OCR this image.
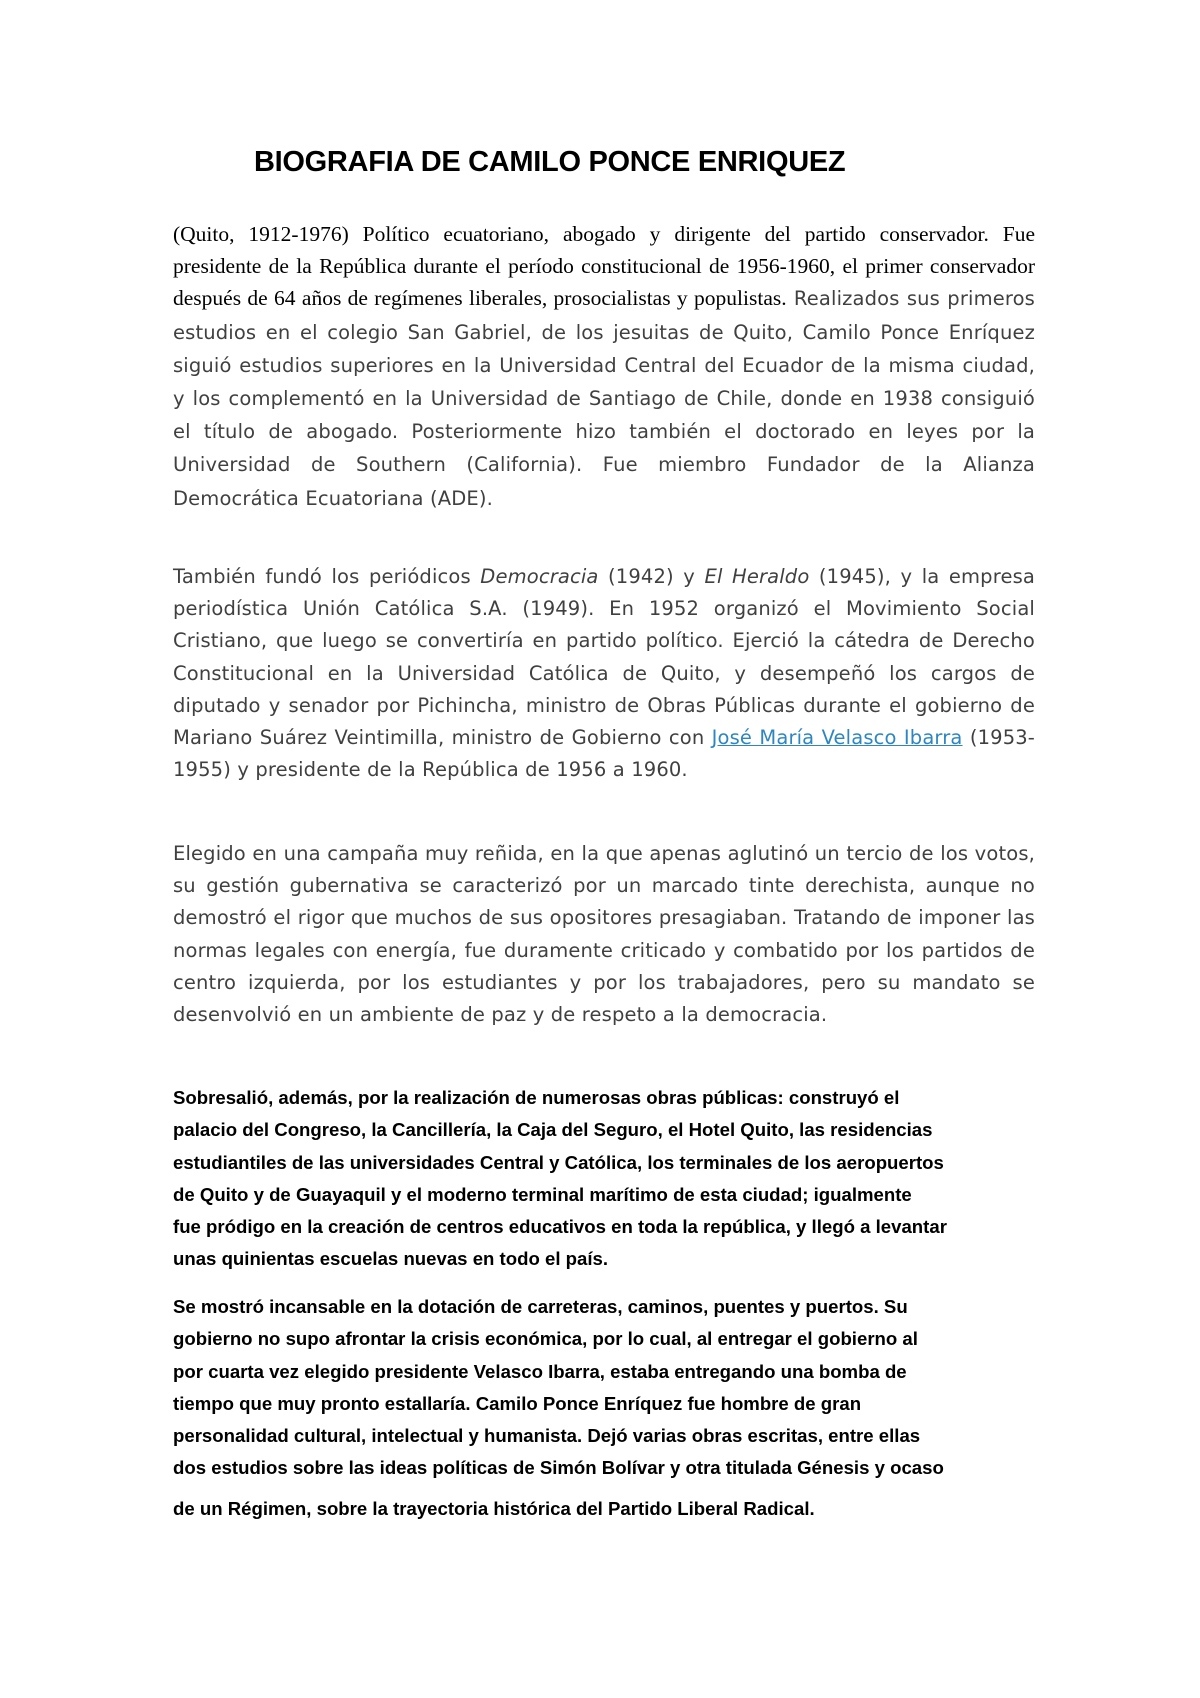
BIOGRAFIA DE CAMILO PONCE ENRIQUEZ

(Quito, 1912-1976) Político ecuatoriano, abogado y dirigente del partido conservador. Fue presidente de la República durante el período constitucional de 1956-1960, el primer conservador después de 64 años de regímenes liberales, prosocialistas y populistas. Realizados sus primeros estudios en el colegio San Gabriel, de los jesuitas de Quito, Camilo Ponce Enríquez siguió estudios superiores en la Universidad Central del Ecuador de la misma ciudad, y los complementó en la Universidad de Santiago de Chile, donde en 1938 consiguió el título de abogado. Posteriormente hizo también el doctorado en leyes por la Universidad de Southern (California). Fue miembro Fundador de la Alianza Democrática Ecuatoriana (ADE).

También fundó los periódicos Democracia (1942) y El Heraldo (1945), y la empresa periodística Unión Católica S.A. (1949). En 1952 organizó el Movimiento Social Cristiano, que luego se convertiría en partido político. Ejerció la cátedra de Derecho Constitucional en la Universidad Católica de Quito, y desempeñó los cargos de diputado y senador por Pichincha, ministro de Obras Públicas durante el gobierno de Mariano Suárez Veintimilla, ministro de Gobierno con José María Velasco Ibarra (1953-1955) y presidente de la República de 1956 a 1960.

Elegido en una campaña muy reñida, en la que apenas aglutinó un tercio de los votos, su gestión gubernativa se caracterizó por un marcado tinte derechista, aunque no demostró el rigor que muchos de sus opositores presagiaban. Tratando de imponer las normas legales con energía, fue duramente criticado y combatido por los partidos de centro izquierda, por los estudiantes y por los trabajadores, pero su mandato se desenvolvió en un ambiente de paz y de respeto a la democracia.

Sobresalió, además, por la realización de numerosas obras públicas: construyó el
palacio del Congreso, la Cancillería, la Caja del Seguro, el Hotel Quito, las residencias
estudiantiles de las universidades Central y Católica, los terminales de los aeropuertos
de Quito y de Guayaquil y el moderno terminal marítimo de esta ciudad; igualmente
fue pródigo en la creación de centros educativos en toda la república, y llegó a levantar
unas quinientas escuelas nuevas en todo el país.

Se mostró incansable en la dotación de carreteras, caminos, puentes y puertos. Su
gobierno no supo afrontar la crisis económica, por lo cual, al entregar el gobierno al
por cuarta vez elegido presidente Velasco Ibarra, estaba entregando una bomba de
tiempo que muy pronto estallaría. Camilo Ponce Enríquez fue hombre de gran
personalidad cultural, intelectual y humanista. Dejó varias obras escritas, entre ellas
dos estudios sobre las ideas políticas de Simón Bolívar y otra titulada Génesis y ocaso
de un Régimen, sobre la trayectoria histórica del Partido Liberal Radical.
